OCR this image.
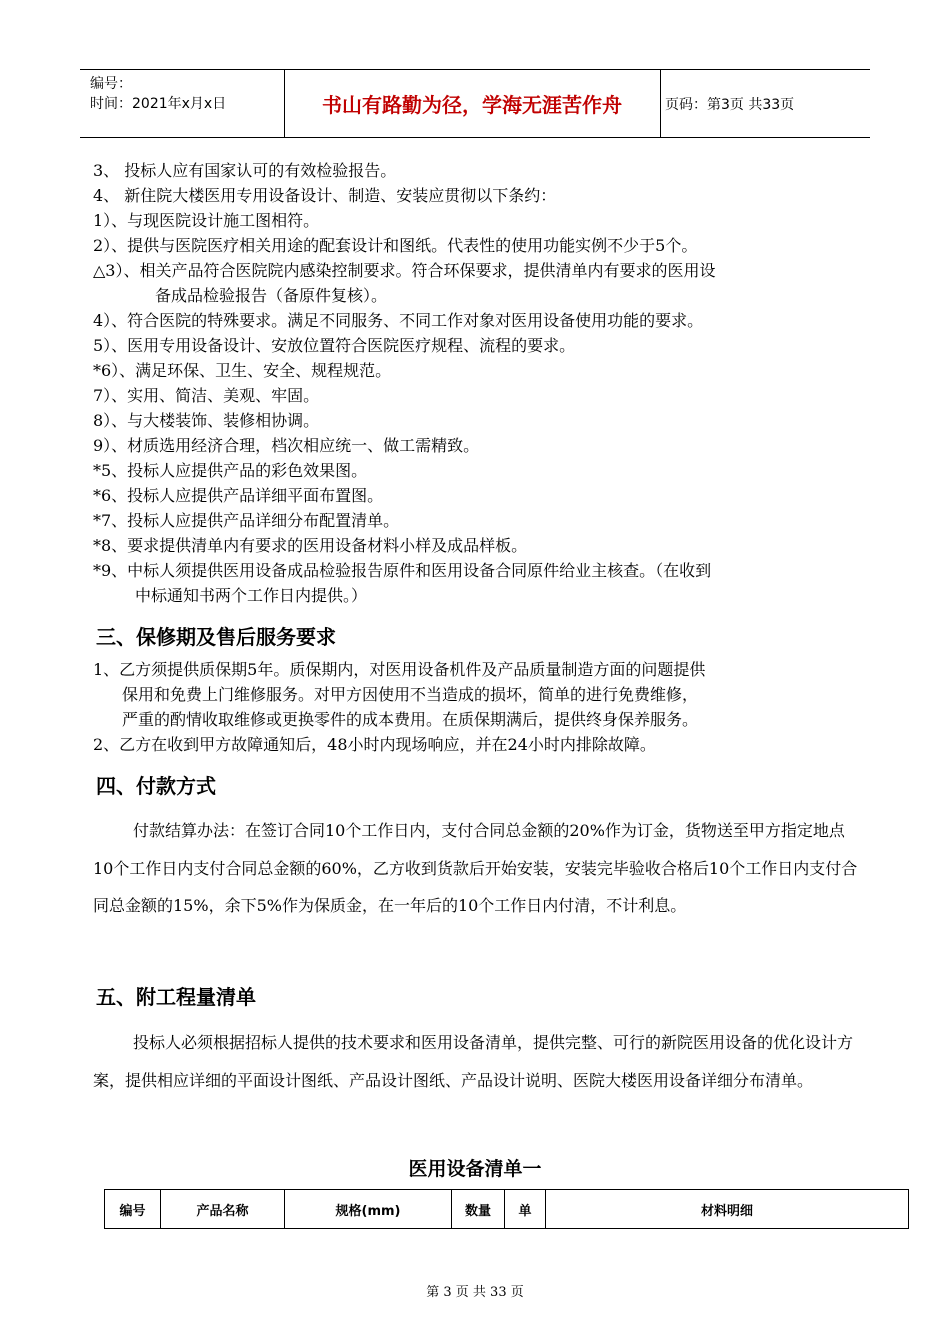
编号：
时间：2021年x月x日	书山有路勤为径，学海无涯苦作舟	页码：第3页 共33页
3、 投标人应有国家认可的有效检验报告。
4、 新住院大楼医用专用设备设计、制造、安装应贯彻以下条约：
1）、与现医院设计施工图相符。
2）、提供与医院医疗相关用途的配套设计和图纸。代表性的使用功能实例不少于5个。
△3）、相关产品符合医院院内感染控制要求。符合环保要求，提供清单内有要求的医用设
备成品检验报告（备原件复核）。
4）、符合医院的特殊要求。满足不同服务、不同工作对象对医用设备使用功能的要求。
5）、医用专用设备设计、安放位置符合医院医疗规程、流程的要求。
*6）、满足环保、卫生、安全、规程规范。
7）、实用、简洁、美观、牢固。
8）、与大楼装饰、装修相协调。
9）、材质选用经济合理，档次相应统一、做工需精致。
*5、投标人应提供产品的彩色效果图。
*6、投标人应提供产品详细平面布置图。
*7、投标人应提供产品详细分布配置清单。
*8、要求提供清单内有要求的医用设备材料小样及成品样板。
*9、中标人须提供医用设备成品检验报告原件和医用设备合同原件给业主核查。（在收到
中标通知书两个工作日内提供。）
三、保修期及售后服务要求
1、乙方须提供质保期5年。质保期内，对医用设备机件及产品质量制造方面的问题提供
保用和免费上门维修服务。对甲方因使用不当造成的损坏，简单的进行免费维修，
严重的酌情收取维修或更换零件的成本费用。在质保期满后，提供终身保养服务。
2、乙方在收到甲方故障通知后，48小时内现场响应，并在24小时内排除故障。
四、付款方式
付款结算办法：在签订合同10个工作日内，支付合同总金额的20%作为订金，货物送至甲方指定地点10个工作日内支付合同总金额的60%，乙方收到货款后开始安装，安装完毕验收合格后10个工作日内支付合同总金额的15%，余下5%作为保质金，在一年后的10个工作日内付清，不计利息。
五、附工程量清单
投标人必须根据招标人提供的技术要求和医用设备清单，提供完整、可行的新院医用设备的优化设计方案，提供相应详细的平面设计图纸、产品设计图纸、产品设计说明、医院大楼医用设备详细分布清单。
医用设备清单一
编号	产品名称	规格(mm)	数量	单	材料明细
第 3 页 共 33 页
